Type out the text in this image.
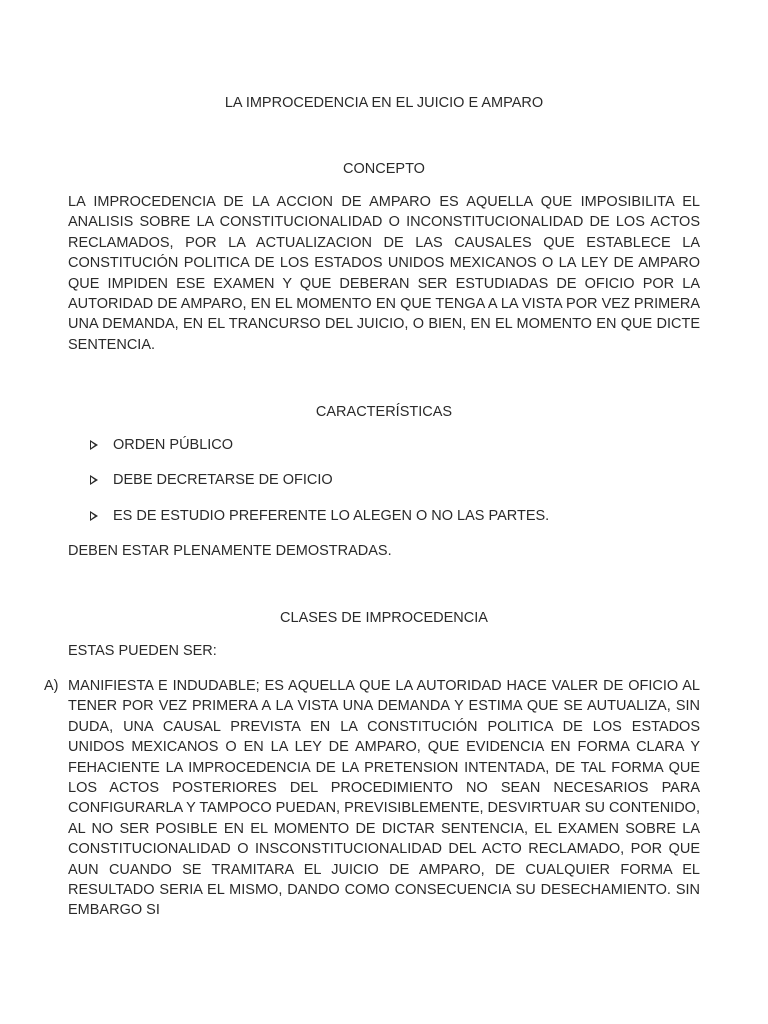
LA IMPROCEDENCIA EN EL JUICIO E AMPARO
CONCEPTO
LA IMPROCEDENCIA DE LA ACCION DE AMPARO ES AQUELLA QUE IMPOSIBILITA EL ANALISIS SOBRE LA CONSTITUCIONALIDAD O INCONSTITUCIONALIDAD DE LOS ACTOS RECLAMADOS, POR LA ACTUALIZACION DE LAS CAUSALES QUE ESTABLECE LA CONSTITUCIÓN POLITICA DE LOS ESTADOS UNIDOS MEXICANOS O LA LEY DE AMPARO QUE IMPIDEN ESE EXAMEN Y QUE DEBERAN SER ESTUDIADAS DE OFICIO POR LA AUTORIDAD DE AMPARO, EN EL MOMENTO EN QUE TENGA A LA VISTA POR VEZ PRIMERA UNA DEMANDA, EN EL TRANCURSO DEL JUICIO, O BIEN, EN EL MOMENTO EN QUE DICTE SENTENCIA.
CARACTERÍSTICAS
ORDEN PÚBLICO
DEBE DECRETARSE DE OFICIO
ES DE ESTUDIO PREFERENTE LO ALEGEN O NO LAS PARTES.
DEBEN ESTAR PLENAMENTE DEMOSTRADAS.
CLASES DE IMPROCEDENCIA
ESTAS PUEDEN SER:
A) MANIFIESTA E INDUDABLE; ES AQUELLA QUE LA AUTORIDAD HACE VALER DE OFICIO AL TENER POR VEZ PRIMERA A LA VISTA UNA DEMANDA Y ESTIMA QUE SE AUTUALIZA, SIN DUDA, UNA CAUSAL PREVISTA EN LA CONSTITUCIÓN POLITICA DE LOS ESTADOS UNIDOS MEXICANOS O EN LA LEY DE AMPARO, QUE EVIDENCIA EN FORMA CLARA Y FEHACIENTE LA IMPROCEDENCIA DE LA PRETENSION INTENTADA, DE TAL FORMA QUE LOS ACTOS POSTERIORES DEL PROCEDIMIENTO NO SEAN NECESARIOS PARA CONFIGURARLA Y TAMPOCO PUEDAN, PREVISIBLEMENTE, DESVIRTUAR SU CONTENIDO, AL NO SER POSIBLE EN EL MOMENTO DE DICTAR SENTENCIA, EL EXAMEN SOBRE LA CONSTITUCIONALIDAD O INSCONSTITUCIONALIDAD DEL ACTO RECLAMADO, POR QUE AUN CUANDO SE TRAMITARA EL JUICIO DE AMPARO, DE CUALQUIER FORMA EL RESULTADO SERIA EL MISMO, DANDO COMO CONSECUENCIA SU DESECHAMIENTO. SIN EMBARGO SI
